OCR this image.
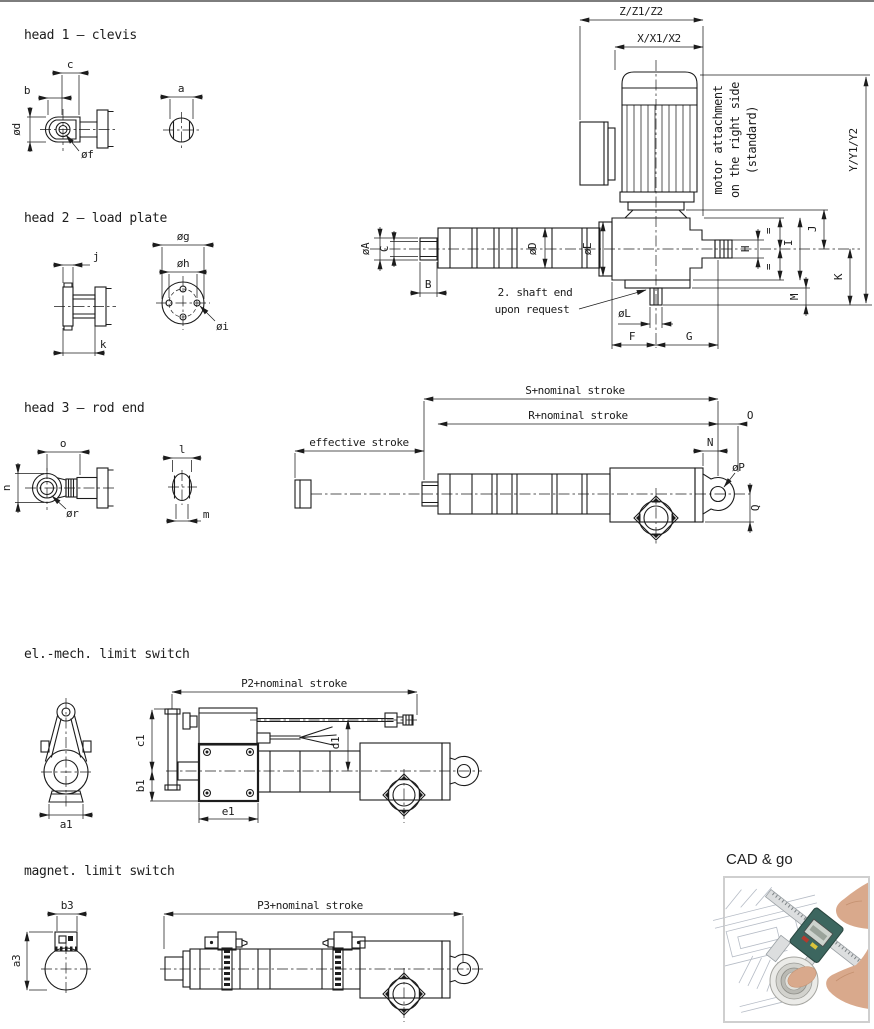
head 1 – clevis
head 2 – load plate
head 3 – rod end
el.-mech. limit switch
magnet. limit switch
CAD & go
c
b
ød
øf
a
j
k
øg
øh
øi
o
n
ør
l
m
Z/Z1/Z2
X/X1/X2
Y/Y1/Y2
motor attachment on the right side (standard)
øA C
B
øD	øE	H
=
=
I
J
K
M
øL
F	G
2. shaft end
upon request
effective stroke
S+nominal stroke
R+nominal stroke	O
N
øP
Q
a1
P2+nominal stroke
d1
c1
b1
e1
b3
a3
P3+nominal stroke
